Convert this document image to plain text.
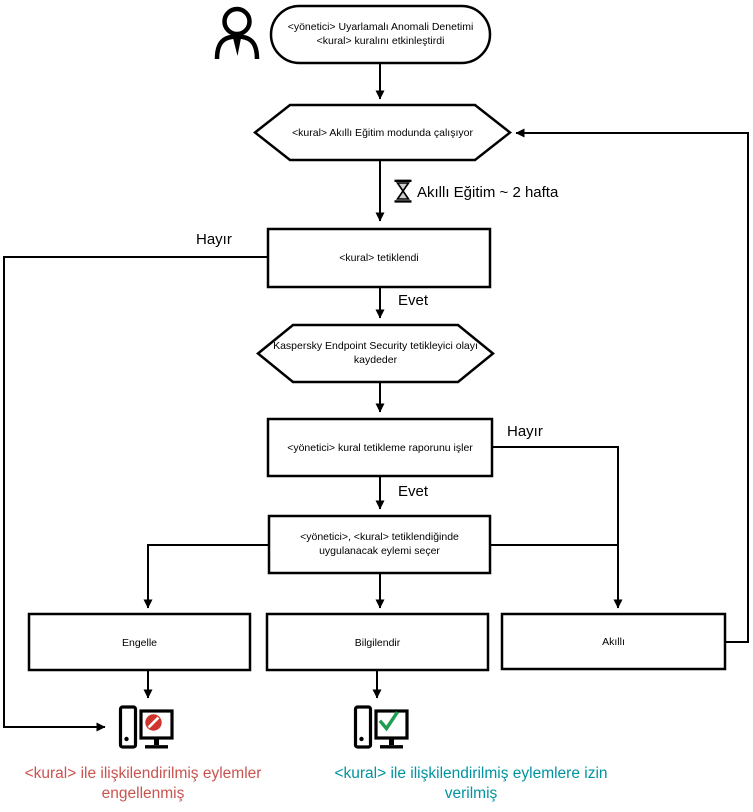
<yönetici> Uyarlamalı Anomali Denetimi
<kural> kuralını etkinleştirdi
<kural> Akıllı Eğitim modunda çalışıyor
<kural> tetiklendi
Kaspersky Endpoint Security tetikleyici olayı
kaydeder
<yönetici> kural tetikleme raporunu işler
<yönetici>, <kural> tetiklendiğinde
uygulanacak eylemi seçer
Engelle	Bilgilendir	Akıllı
Akıllı Eğitim ~ 2 hafta
Hayır
Evet
Hayır
Evet
<kural> ile ilişkilendirilmiş eylemler
engellenmiş
<kural> ile ilişkilendirilmiş eylemlere izin
verilmiş
